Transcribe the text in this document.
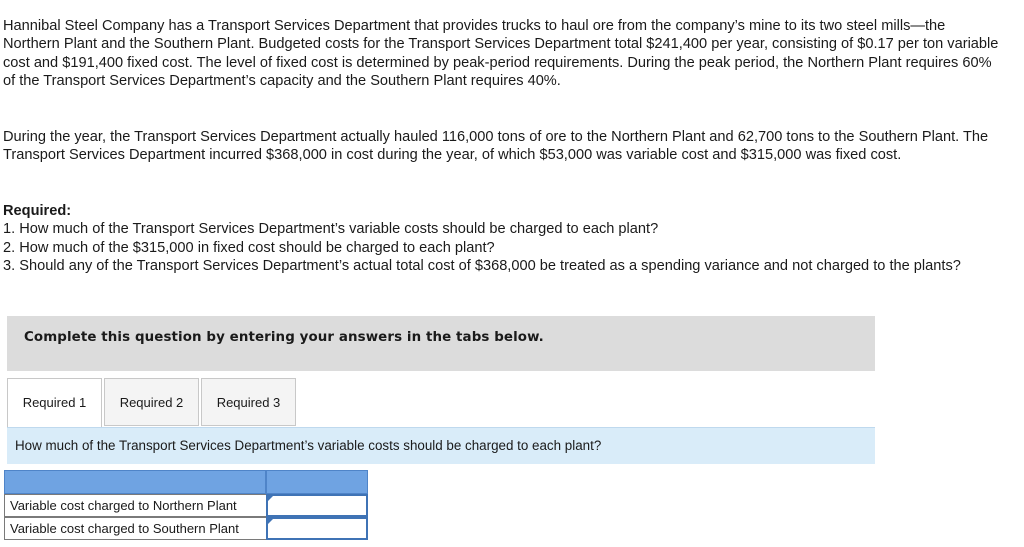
Hannibal Steel Company has a Transport Services Department that provides trucks to haul ore from the company’s mine to its two steel mills—the Northern Plant and the Southern Plant. Budgeted costs for the Transport Services Department total $241,400 per year, consisting of $0.17 per ton variable cost and $191,400 fixed cost. The level of fixed cost is determined by peak-period requirements. During the peak period, the Northern Plant requires 60% of the Transport Services Department’s capacity and the Southern Plant requires 40%.

During the year, the Transport Services Department actually hauled 116,000 tons of ore to the Northern Plant and 62,700 tons to the Southern Plant. The Transport Services Department incurred $368,000 in cost during the year, of which $53,000 was variable cost and $315,000 was fixed cost.

Required:
1. How much of the Transport Services Department’s variable costs should be charged to each plant?
2. How much of the $315,000 in fixed cost should be charged to each plant?
3. Should any of the Transport Services Department’s actual total cost of $368,000 be treated as a spending variance and not charged to the plants?
Complete this question by entering your answers in the tabs below.
Required 1	Required 2	Required 3
How much of the Transport Services Department’s variable costs should be charged to each plant?
Variable cost charged to Northern Plant
Variable cost charged to Southern Plant
